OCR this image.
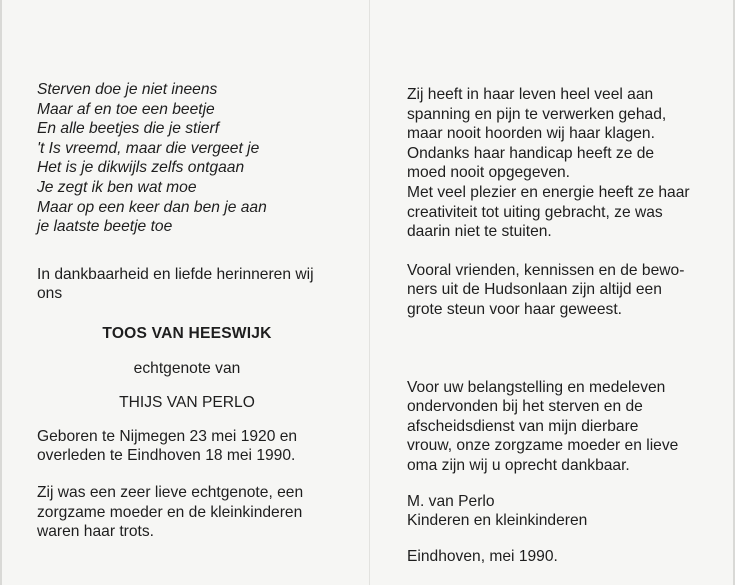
Sterven doe je niet ineens

Maar af en toe een beetje

En alle beetjes die je stierf

't Is vreemd, maar die vergeet je

Het is je dikwijls zelfs ontgaan

Je zegt ik ben wat moe

Maar op een keer dan ben je aan

je laatste beetje toe

In dankbaarheid en liefde herinneren wij
ons
TOOS VAN HEESWIJK
echtgenote van
THIJS VAN PERLO
Geboren te Nijmegen 23 mei 1920 en
overleden te Eindhoven 18 mei 1990.
Zij was een zeer lieve echtgenote, een
zorgzame moeder en de kleinkinderen
waren haar trots.
Zij heeft in haar leven heel veel aan
spanning en pijn te verwerken gehad,
maar nooit hoorden wij haar klagen.
Ondanks haar handicap heeft ze de
moed nooit opgegeven.
Met veel plezier en energie heeft ze haar
creativiteit tot uiting gebracht, ze was
daarin niet te stuiten.
Vooral vrienden, kennissen en de bewo-
ners uit de Hudsonlaan zijn altijd een
grote steun voor haar geweest.
Voor uw belangstelling en medeleven
ondervonden bij het sterven en de
afscheidsdienst van mijn dierbare
vrouw, onze zorgzame moeder en lieve
oma zijn wij u oprecht dankbaar.
M. van Perlo
Kinderen en kleinkinderen
Eindhoven, mei 1990.
